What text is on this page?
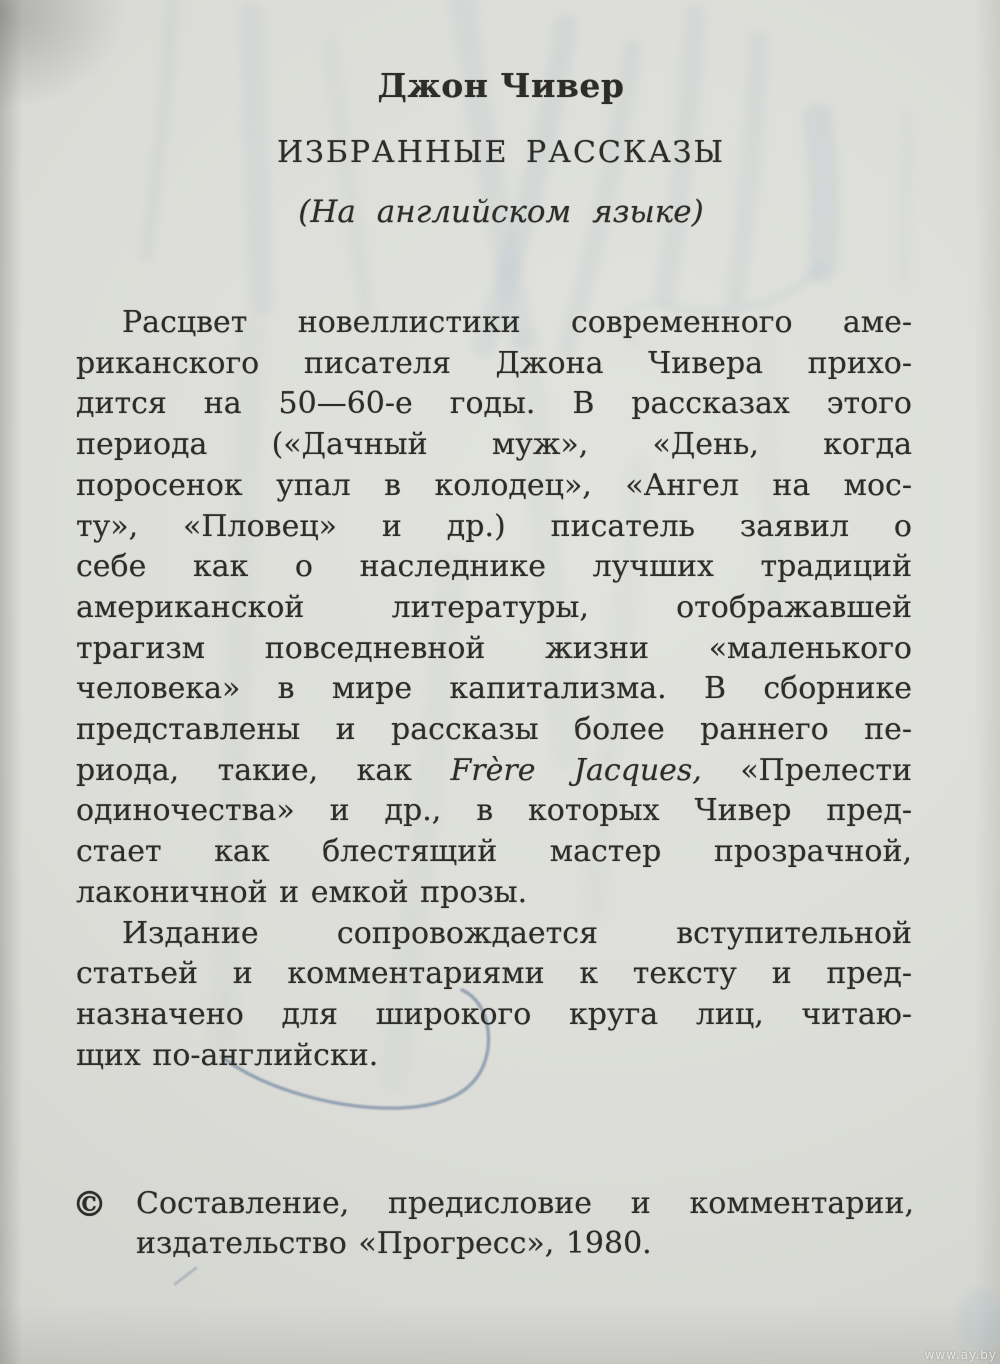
Джон Чивер
ИЗБРАННЫЕ РАССКАЗЫ
(На английском языке)
Расцвет новеллистики современного аме-
риканского писателя Джона Чивера прихо-
дится на 50—60-е годы. В рассказах этого
периода («Дачный муж», «День, когда
поросенок упал в колодец», «Ангел на мос-
ту», «Пловец» и др.) писатель заявил о
себе как о наследнике лучших традиций
американской литературы, отображавшей
трагизм повседневной жизни «маленького
человека» в мире капитализма. В сборнике
представлены и рассказы более раннего пе-
риода, такие, как Frère Jacques, «Прелести
одиночества» и др., в которых Чивер пред-
стает как блестящий мастер прозрачной,
лаконичной и емкой прозы.
Издание сопровождается вступительной
статьей и комментариями к тексту и пред-
назначено для широкого круга лиц, читаю-
щих по-английски.
© Составление, предисловие и комментарии,
издательство «Прогресс», 1980.
www.ay.by
